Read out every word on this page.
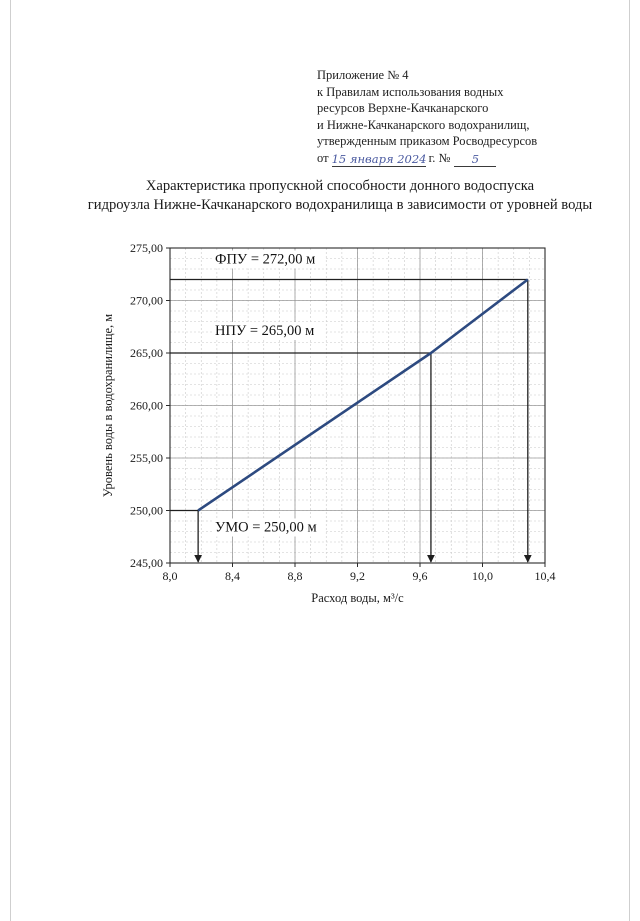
Приложение № 4
к Правилам использования водных
ресурсов Верхне-Качканарского
и Нижне-Качканарского водохранилищ,
утвержденным приказом Росводресурсов
от 15 января 2024 г. №	5
Характеристика пропускной способности донного водоспуска
гидроузла Нижне-Качканарского водохранилища в зависимости от уровней воды
8,0	8,4	8,8	9,2	9,6	10,0	10,4
245,00
250,00
255,00
260,00
265,00
270,00
275,00
ФПУ = 272,00 м
НПУ = 265,00 м
УМО = 250,00 м
Расход воды, м³/с
Уровень воды в водохранилище, м
